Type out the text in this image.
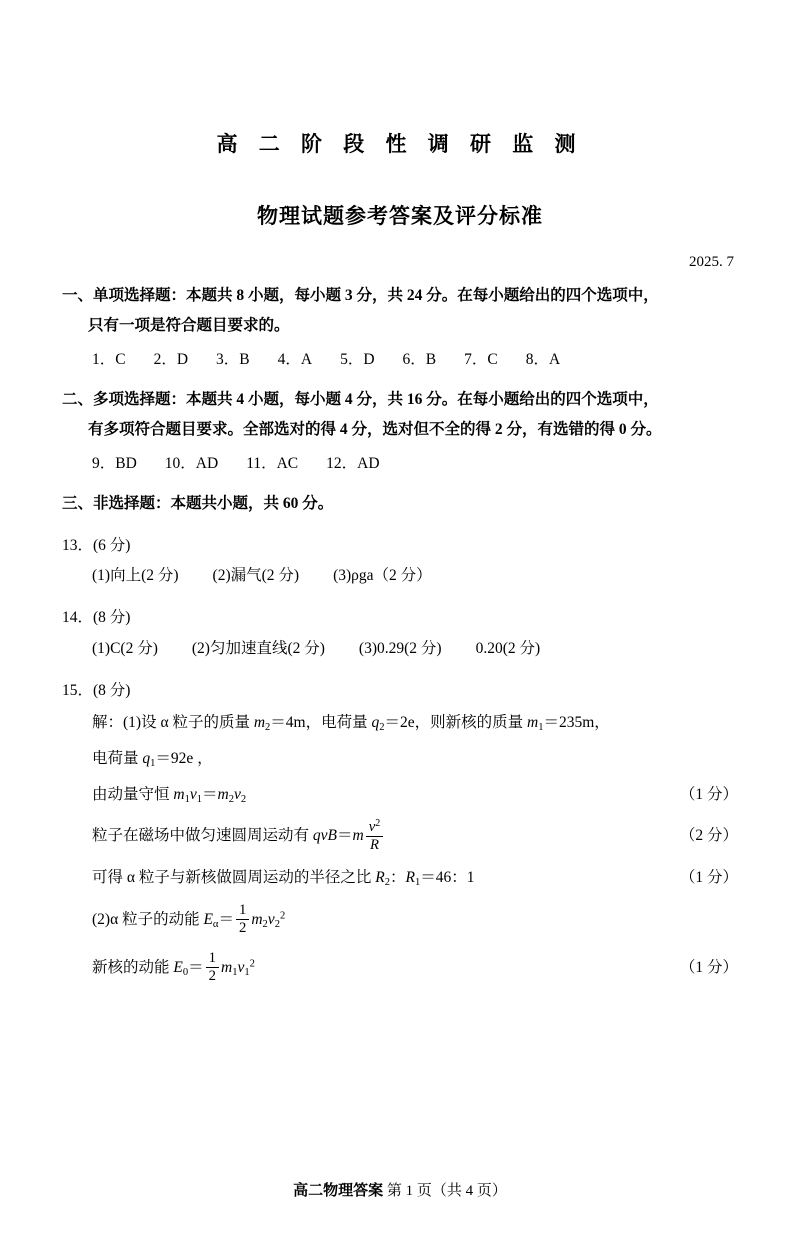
高 二 阶 段 性 调 研 监 测
物理试题参考答案及评分标准
2025. 7
一、单项选择题：本题共 8 小题，每小题 3 分，共 24 分。在每小题给出的四个选项中，
只有一项是符合题目要求的。
1．C 2．D 3．B 4．A 5．D 6．B 7．C 8．A
二、多项选择题：本题共 4 小题，每小题 4 分，共 16 分。在每小题给出的四个选项中，
有多项符合题目要求。全部选对的得 4 分，选对但不全的得 2 分，有选错的得 0 分。
9．BD 10．AD 11．AC 12．AD
三、非选择题：本题共小题，共 60 分。
13．(6 分)
(1)向上(2 分) (2)漏气(2 分) (3)ρga（2 分）
14．(8 分)
(1)C(2 分) (2)匀加速直线(2 分) (3)0.29(2 分) 0.20(2 分)
15．(8 分)
解：(1)设 α 粒子的质量 $m_2=4m$，电荷量 $q_2=2e$，则新核的质量 $m_1=235m$，
电荷量 $q_1=92e$ ，
由动量守恒 $m_1v_1=m_2v_2$	（1 分）
粒子在磁场中做匀速圆周运动有 $qvB=m \frac{v^2}{R}$	（2 分）
可得 α 粒子与新核做圆周运动的半径之比 $R_2$：$R_1=46$：1	（1 分）
(2)α 粒子的动能 $E_\alpha= \frac{1}{2} m_2v_2^2$
新核的动能 $E_0= \frac{1}{2} m_1v_1^2$	（1 分）
高二物理答案 第 1 页（共 4 页）
